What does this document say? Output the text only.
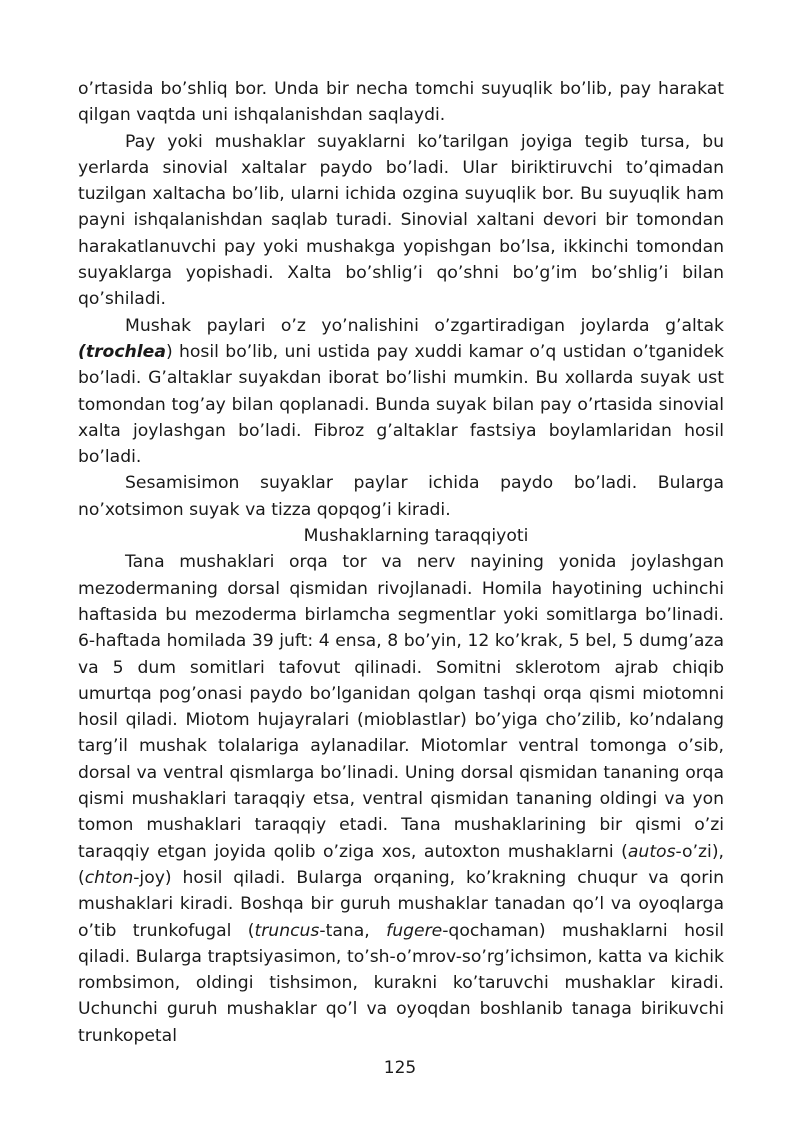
o’rtasida bo’shliq bor. Unda bir necha tomchi suyuqlik bo’lib, pay harakat qilgan vaqtda uni ishqalanishdan saqlaydi.

Pay yoki mushaklar suyaklarni ko’tarilgan joyiga tegib tursa, bu yerlarda sinovial xaltalar paydo bo’ladi. Ular biriktiruvchi to’qimadan tuzilgan xaltacha bo’lib, ularni ichida ozgina suyuqlik bor. Bu suyuqlik ham payni ishqalanishdan saqlab turadi. Sinovial xaltani devori bir tomondan harakatlanuvchi pay yoki mushakga yopishgan bo’lsa, ikkinchi tomondan suyaklarga yopishadi. Xalta bo’shlig’i qo’shni bo’g’im bo’shlig’i bilan qo’shiladi.

Mushak paylari o’z yo’nalishini o’zgartiradigan joylarda g’altak (trochlea) hosil bo’lib, uni ustida pay xuddi kamar o’q ustidan o’tganidek bo’ladi. G’altaklar suyakdan iborat bo’lishi mumkin. Bu xollarda suyak ust tomondan tog’ay bilan qoplanadi. Bunda suyak bilan pay o’rtasida sinovial xalta joylashgan bo’ladi. Fibroz g’altaklar fastsiya boylamlaridan hosil bo’ladi.

Sesamisimon suyaklar paylar ichida paydo bo’ladi. Bularga no’xotsimon suyak va tizza qopqog’i kiradi.

Mushaklarning taraqqiyoti

Tana mushaklari orqa tor va nerv nayining yonida joylashgan mezodermaning dorsal qismidan rivojlanadi. Homila hayotining uchinchi haftasida bu mezoderma birlamcha segmentlar yoki somitlarga bo’linadi. 6-haftada homilada 39 juft: 4 ensa, 8 bo’yin, 12 ko’krak, 5 bel, 5 dumg’aza va 5 dum somitlari tafovut qilinadi. Somitni sklerotom ajrab chiqib umurtqa pog’onasi paydo bo’lganidan qolgan tashqi orqa qismi miotomni hosil qiladi. Miotom hujayralari (mioblastlar) bo’yiga cho’zilib, ko’ndalang targ’il mushak tolalariga aylanadilar. Miotomlar ventral tomonga o’sib, dorsal va ventral qismlarga bo’linadi. Uning dorsal qismidan tananing orqa qismi mushaklari taraqqiy etsa, ventral qismidan tananing oldingi va yon tomon mushaklari taraqqiy etadi. Tana mushaklarining bir qismi o’zi taraqqiy etgan joyida qolib o’ziga xos, autoxton mushaklarni (autos-o’zi), (chton-joy) hosil qiladi. Bularga orqaning, ko’krakning chuqur va qorin mushaklari kiradi. Boshqa bir guruh mushaklar tanadan qo’l va oyoqlarga o’tib trunkofugal (truncus-tana, fugere-qochaman) mushaklarni hosil qiladi. Bularga traptsiyasimon, to’sh-o’mrov-so’rg’ichsimon, katta va kichik rombsimon, oldingi tishsimon, kurakni ko’taruvchi mushaklar kiradi. Uchunchi guruh mushaklar qo’l va oyoqdan boshlanib tanaga birikuvchi trunkopetal

125
